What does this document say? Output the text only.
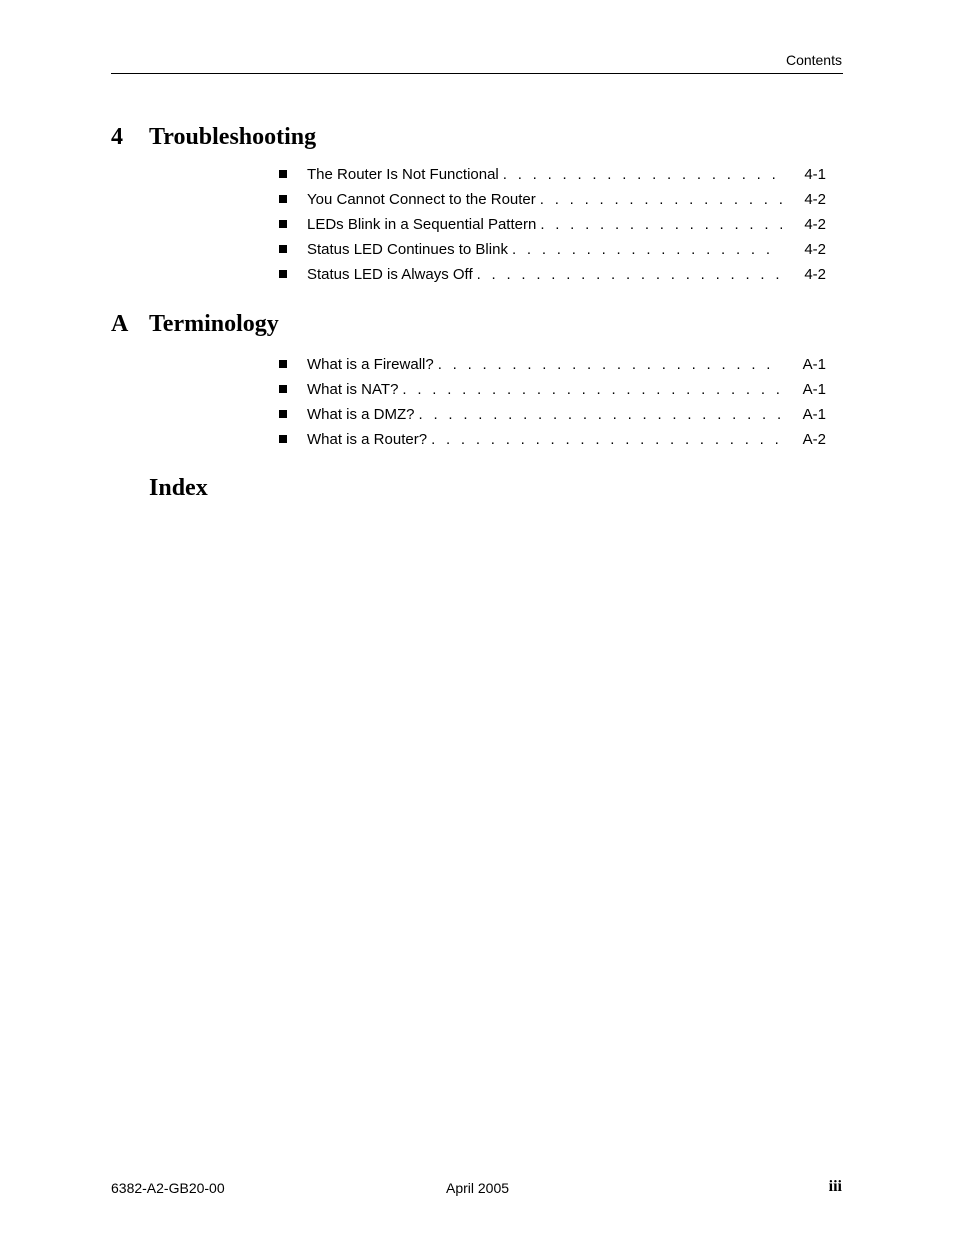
Contents
4	Troubleshooting
The Router Is Not Functional . . .	4-1
You Cannot Connect to the Router . . .	4-2
LEDs Blink in a Sequential Pattern . . .	4-2
Status LED Continues to Blink . . .	4-2
Status LED is Always Off . . .	4-2
A Terminology
What is a Firewall? . . .	A-1
What is NAT? . . .	A-1
What is a DMZ? . . .	A-1
What is a Router? . . .	A-2
Index
6382-A2-GB20-00	April 2005	iii
